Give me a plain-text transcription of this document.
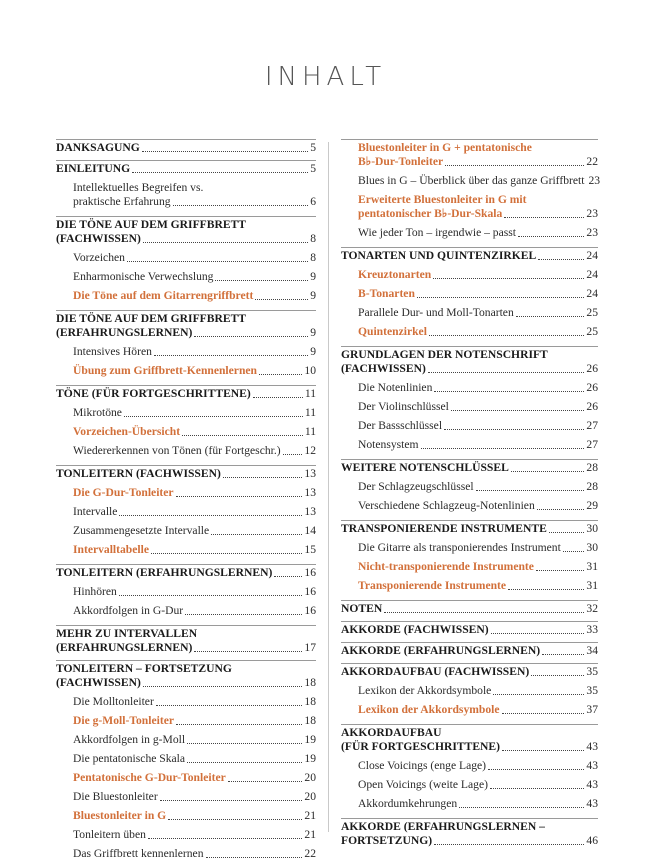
INHALT
DANKSAGUNG	5
EINLEITUNG	5
Intellektuelles Begreifen vs.
praktische Erfahrung	6
DIE TÖNE AUF DEM GRIFFBRETT
(FACHWISSEN)	8
Vorzeichen	8
Enharmonische Verwechslung	9
Die Töne auf dem Gitarrengriffbrett	9
DIE TÖNE AUF DEM GRIFFBRETT
(ERFAHRUNGSLERNEN)	9
Intensives Hören	9
Übung zum Griffbrett-Kennenlernen	10
TÖNE (FÜR FORTGESCHRITTENE)	11
Mikrotöne	11
Vorzeichen-Übersicht	11
Wiedererkennen von Tönen (für Fortgeschr.) 12
TONLEITERN (FACHWISSEN)	13
Die G-Dur-Tonleiter	13
Intervalle	13
Zusammengesetzte Intervalle	14
Intervalltabelle	15
TONLEITERN (ERFAHRUNGSLERNEN)	16
Hinhören	16
Akkordfolgen in G-Dur	16
MEHR ZU INTERVALLEN
(ERFAHRUNGSLERNEN)	17
TONLEITERN – FORTSETZUNG
(FACHWISSEN)	18
Die Molltonleiter	18
Die g-Moll-Tonleiter	18
Akkordfolgen in g-Moll	19
Die pentatonische Skala	19
Pentatonische G-Dur-Tonleiter	20
Die Bluestonleiter	20
Bluestonleiter in G	21
Tonleitern üben	21
Das Griffbrett kennenlernen	22
Bluestonleiter in G + pentatonische
B♭-Dur-Tonleiter	22
Blues in G – Überblick über das ganze Griffbrett 23
Erweiterte Bluestonleiter in G mit
pentatonischer B♭-Dur-Skala	23
Wie jeder Ton – irgendwie – passt	23
TONARTEN UND QUINTENZIRKEL	24
Kreuztonarten	24
B-Tonarten	24
Parallele Dur- und Moll-Tonarten	25
Quintenzirkel	25
GRUNDLAGEN DER NOTENSCHRIFT
(FACHWISSEN)	26
Die Notenlinien	26
Der Violinschlüssel	26
Der Bassschlüssel	27
Notensystem	27
WEITERE NOTENSCHLÜSSEL	28
Der Schlagzeugschlüssel	28
Verschiedene Schlagzeug-Notenlinien	29
TRANSPONIERENDE INSTRUMENTE	30
Die Gitarre als transponierendes Instrument 30
Nicht-transponierende Instrumente	31
Transponierende Instrumente	31
NOTEN	32
AKKORDE (FACHWISSEN)	33
AKKORDE (ERFAHRUNGSLERNEN)	34
AKKORDAUFBAU (FACHWISSEN)	35
Lexikon der Akkordsymbole	35
Lexikon der Akkordsymbole	37
AKKORDAUFBAU
(FÜR FORTGESCHRITTENE)	43
Close Voicings (enge Lage)	43
Open Voicings (weite Lage)	43
Akkordumkehrungen	43
AKKORDE (ERFAHRUNGSLERNEN –
FORTSETZUNG)	46
